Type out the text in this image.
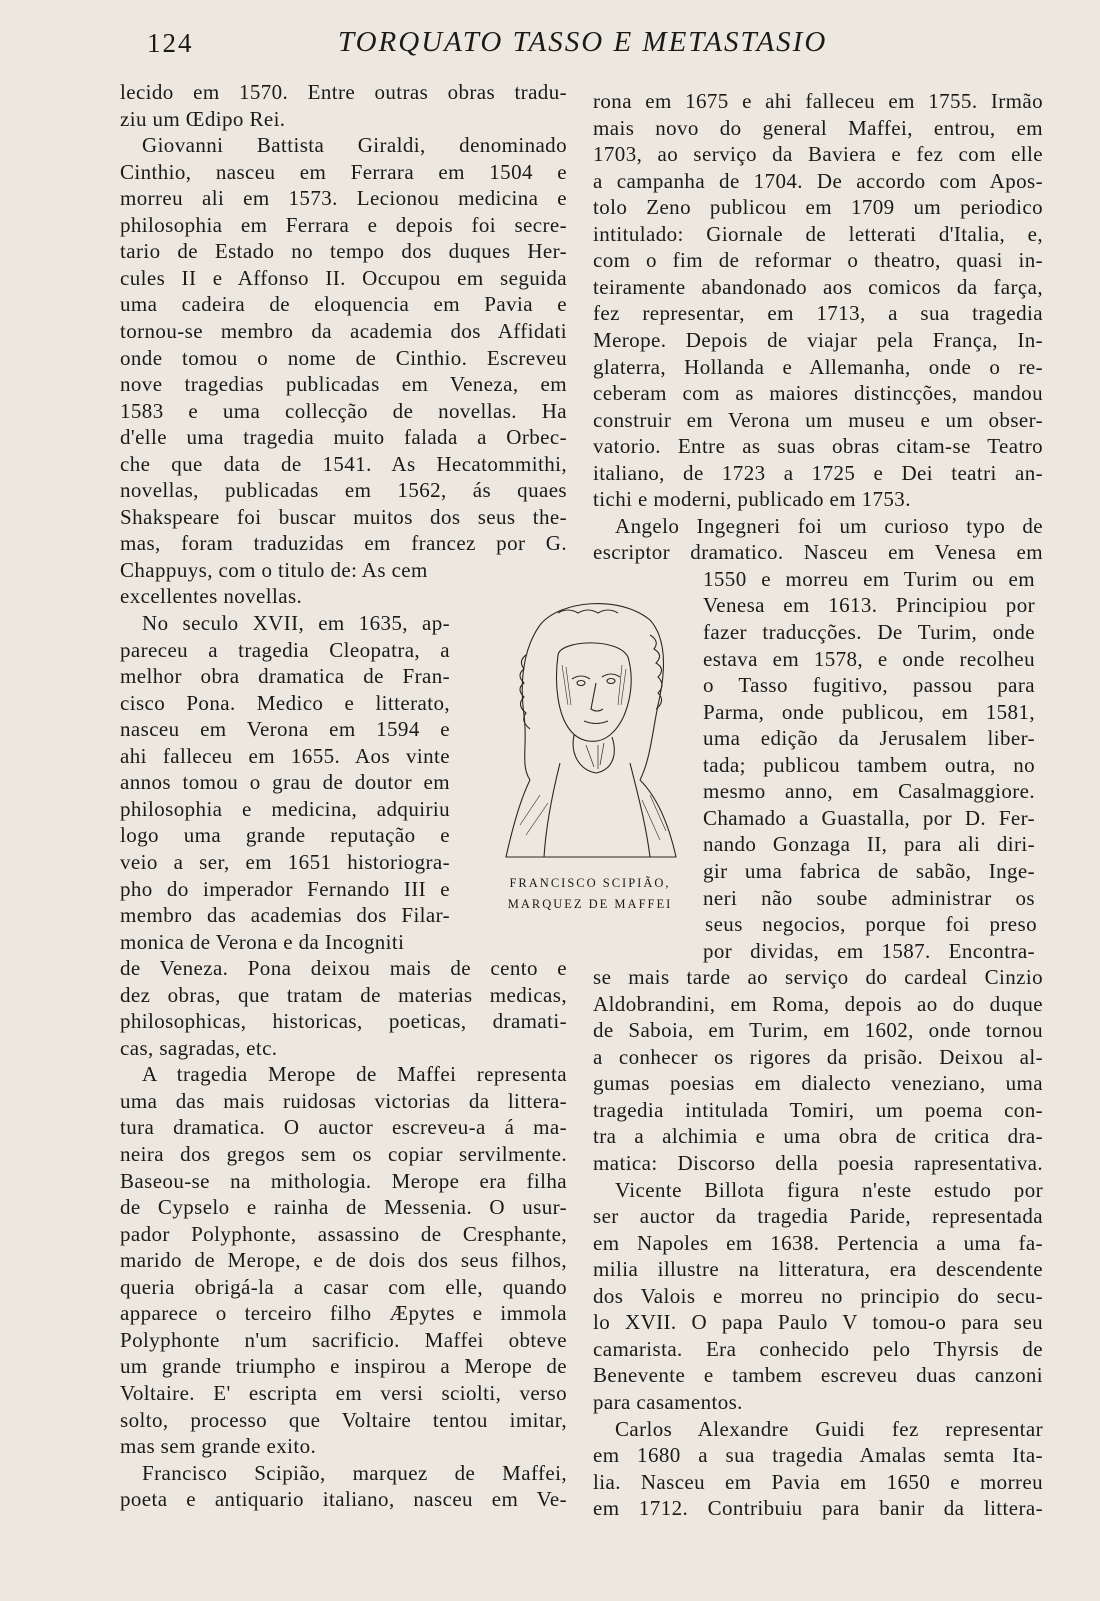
124	TORQUATO TASSO E METASTASIO
lecido em 1570. Entre outras obras tradu-
ziu um Œdipo Rei.
Giovanni Battista Giraldi, denominado
Cinthio, nasceu em Ferrara em 1504 e
morreu ali em 1573. Lecionou medicina e
philosophia em Ferrara e depois foi secre-
tario de Estado no tempo dos duques Her-
cules II e Affonso II. Occupou em seguida
uma cadeira de eloquencia em Pavia e
tornou-se membro da academia dos Affidati
onde tomou o nome de Cinthio. Escreveu
nove tragedias publicadas em Veneza, em
1583 e uma collecção de novellas. Ha
d'elle uma tragedia muito falada a Orbec-
che que data de 1541. As Hecatommithi,
novellas, publicadas em 1562, ás quaes
Shakspeare foi buscar muitos dos seus the-
mas, foram traduzidas em francez por G.
Chappuys, com o titulo de: As cem
excellentes novellas.
No seculo XVII, em 1635, ap-
pareceu a tragedia Cleopatra, a
melhor obra dramatica de Fran-
cisco Pona. Medico e litterato,
nasceu em Verona em 1594 e
ahi falleceu em 1655. Aos vinte
annos tomou o grau de doutor em
philosophia e medicina, adquiriu
logo uma grande reputação e
veio a ser, em 1651 historiogra-
pho do imperador Fernando III e
membro das academias dos Filar-
monica de Verona e da Incogniti
de Veneza. Pona deixou mais de cento e
dez obras, que tratam de materias medicas,
philosophicas, historicas, poeticas, dramati-
cas, sagradas, etc.
A tragedia Merope de Maffei representa
uma das mais ruidosas victorias da littera-
tura dramatica. O auctor escreveu-a á ma-
neira dos gregos sem os copiar servilmente.
Baseou-se na mithologia. Merope era filha
de Cypselo e rainha de Messenia. O usur-
pador Polyphonte, assassino de Cresphante,
marido de Merope, e de dois dos seus filhos,
queria obrigá-la a casar com elle, quando
apparece o terceiro filho Æpytes e immola
Polyphonte n'um sacrificio. Maffei obteve
um grande triumpho e inspirou a Merope de
Voltaire. E' escripta em versi sciolti, verso
solto, processo que Voltaire tentou imitar,
mas sem grande exito.
Francisco Scipião, marquez de Maffei,
poeta e antiquario italiano, nasceu em Ve-
rona em 1675 e ahi falleceu em 1755. Irmão
mais novo do general Maffei, entrou, em
1703, ao serviço da Baviera e fez com elle
a campanha de 1704. De accordo com Apos-
tolo Zeno publicou em 1709 um periodico
intitulado: Giornale de letterati d'Italia, e,
com o fim de reformar o theatro, quasi in-
teiramente abandonado aos comicos da farça,
fez representar, em 1713, a sua tragedia
Merope. Depois de viajar pela França, In-
glaterra, Hollanda e Allemanha, onde o re-
ceberam com as maiores distincções, mandou
construir em Verona um museu e um obser-
vatorio. Entre as suas obras citam-se Teatro
italiano, de 1723 a 1725 e Dei teatri an-
tichi e moderni, publicado em 1753.
Angelo Ingegneri foi um curioso typo de
escriptor dramatico. Nasceu em Venesa em
1550 e morreu em Turim ou em
Venesa em 1613. Principiou por
fazer traducções. De Turim, onde
estava em 1578, e onde recolheu
o Tasso fugitivo, passou para
Parma, onde publicou, em 1581,
uma edição da Jerusalem liber-
tada; publicou tambem outra, no
mesmo anno, em Casalmaggiore.
Chamado a Guastalla, por D. Fer-
nando Gonzaga II, para ali diri-
gir uma fabrica de sabão, Inge-
neri não soube administrar os
seus negocios, porque foi preso
por dividas, em 1587. Encontra-
se mais tarde ao serviço do cardeal Cinzio
Aldobrandini, em Roma, depois ao do duque
de Saboia, em Turim, em 1602, onde tornou
a conhecer os rigores da prisão. Deixou al-
gumas poesias em dialecto veneziano, uma
tragedia intitulada Tomiri, um poema con-
tra a alchimia e uma obra de critica dra-
matica: Discorso della poesia rapresentativa.
Vicente Billota figura n'este estudo por
ser auctor da tragedia Paride, representada
em Napoles em 1638. Pertencia a uma fa-
milia illustre na litteratura, era descendente
dos Valois e morreu no principio do secu-
lo XVII. O papa Paulo V tomou-o para seu
camarista. Era conhecido pelo Thyrsis de
Benevente e tambem escreveu duas canzoni
para casamentos.
Carlos Alexandre Guidi fez representar
em 1680 a sua tragedia Amalas semta Ita-
lia. Nasceu em Pavia em 1650 e morreu
em 1712. Contribuiu para banir da littera-
FRANCISCO SCIPIÃO,
MARQUEZ DE MAFFEI
